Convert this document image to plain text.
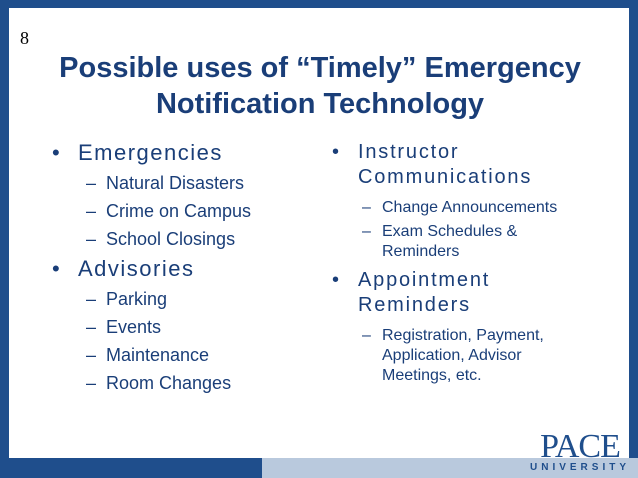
8
Possible uses of “Timely” Emergency
Notification Technology
• Emergencies
– Natural Disasters
– Crime on Campus
– School Closings
• Advisories
– Parking
– Events
– Maintenance
– Room Changes
• Instructor
Communications
– Change Announcements
– Exam Schedules &
Reminders
• Appointment
Reminders
– Registration, Payment,
Application, Advisor
Meetings, etc.
PACE
UNIVERSITY
